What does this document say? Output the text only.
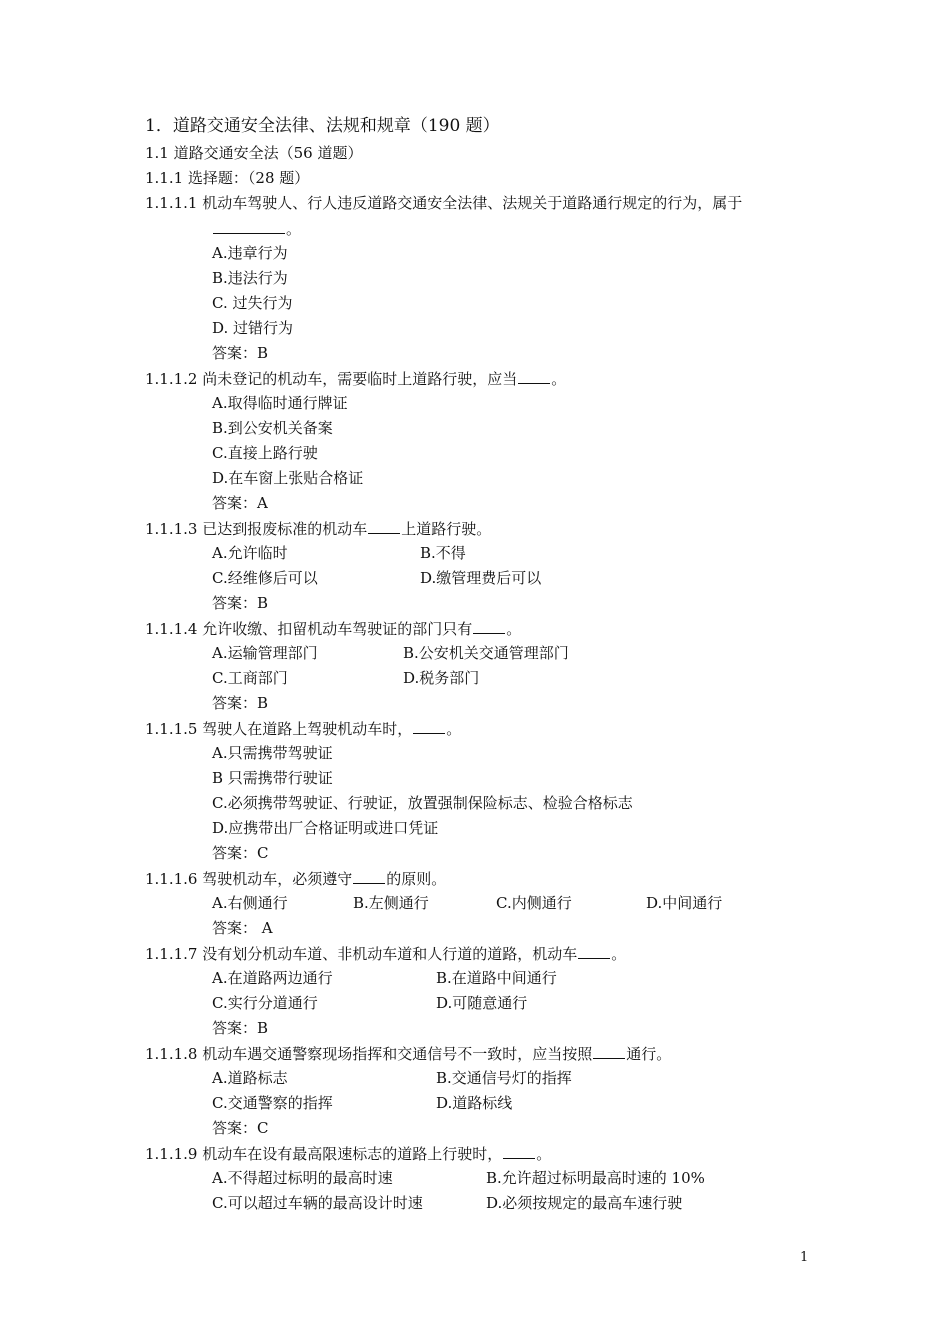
1．道路交通安全法律、法规和规章（190 题）
1.1 道路交通安全法（56 道题）
1.1.1 选择题：（28 题）
1.1.1.1 机动车驾驶人、行人违反道路交通安全法律、法规关于道路通行规定的行为，属于
。
A.违章行为
B.违法行为
C. 过失行为
D. 过错行为
答案：B
1.1.1.2 尚未登记的机动车，需要临时上道路行驶，应当 。
A.取得临时通行牌证
B.到公安机关备案
C.直接上路行驶
D.在车窗上张贴合格证
答案：A
1.1.1.3 已达到报废标准的机动车 上道路行驶。
A.允许临时	B.不得
C.经维修后可以	D.缴管理费后可以
答案：B
1.1.1.4 允许收缴、扣留机动车驾驶证的部门只有 。
A.运输管理部门	B.公安机关交通管理部门
C.工商部门	D.税务部门
答案：B
1.1.1.5 驾驶人在道路上驾驶机动车时， 。
A.只需携带驾驶证
B 只需携带行驶证
C.必须携带驾驶证、行驶证，放置强制保险标志、检验合格标志
D.应携带出厂合格证明或进口凭证
答案：C
1.1.1.6 驾驶机动车，必须遵守 的原则。
A.右侧通行	B.左侧通行	C.内侧通行	D.中间通行
答案： A
1.1.1.7 没有划分机动车道、非机动车道和人行道的道路，机动车 。
A.在道路两边通行	B.在道路中间通行
C.实行分道通行	D.可随意通行
答案：B
1.1.1.8 机动车遇交通警察现场指挥和交通信号不一致时，应当按照 通行。
A.道路标志	B.交通信号灯的指挥
C.交通警察的指挥	D.道路标线
答案：C
1.1.1.9 机动车在设有最高限速标志的道路上行驶时， 。
A.不得超过标明的最高时速	B.允许超过标明最高时速的 10%
C.可以超过车辆的最高设计时速	D.必须按规定的最高车速行驶
1
